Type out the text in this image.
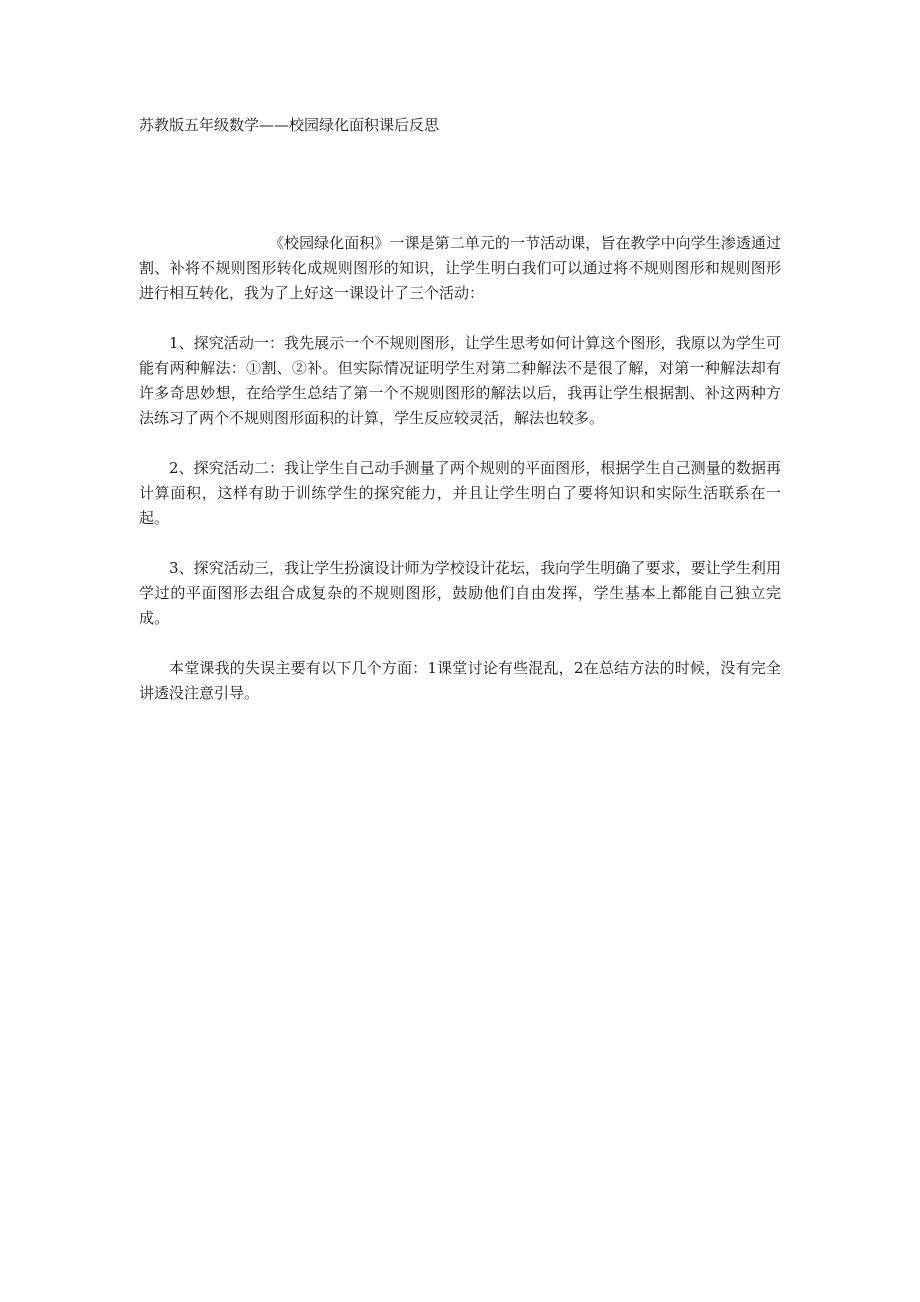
苏教版五年级数学——校园绿化面积课后反思

《校园绿化面积》一课是第二单元的一节活动课，旨在教学中向学生渗透通过割、补将不规则图形转化成规则图形的知识，让学生明白我们可以通过将不规则图形和规则图形进行相互转化，我为了上好这一课设计了三个活动：

1、探究活动一：我先展示一个不规则图形，让学生思考如何计算这个图形，我原以为学生可能有两种解法：①割、②补。但实际情况证明学生对第二种解法不是很了解，对第一种解法却有许多奇思妙想，在给学生总结了第一个不规则图形的解法以后，我再让学生根据割、补这两种方法练习了两个不规则图形面积的计算，学生反应较灵活，解法也较多。

2、探究活动二：我让学生自己动手测量了两个规则的平面图形，根据学生自己测量的数据再计算面积，这样有助于训练学生的探究能力，并且让学生明白了要将知识和实际生活联系在一起。

3、探究活动三，我让学生扮演设计师为学校设计花坛，我向学生明确了要求，要让学生利用学过的平面图形去组合成复杂的不规则图形，鼓励他们自由发挥，学生基本上都能自己独立完成。

本堂课我的失误主要有以下几个方面：1课堂讨论有些混乱，2在总结方法的时候，没有完全讲透没注意引导。
